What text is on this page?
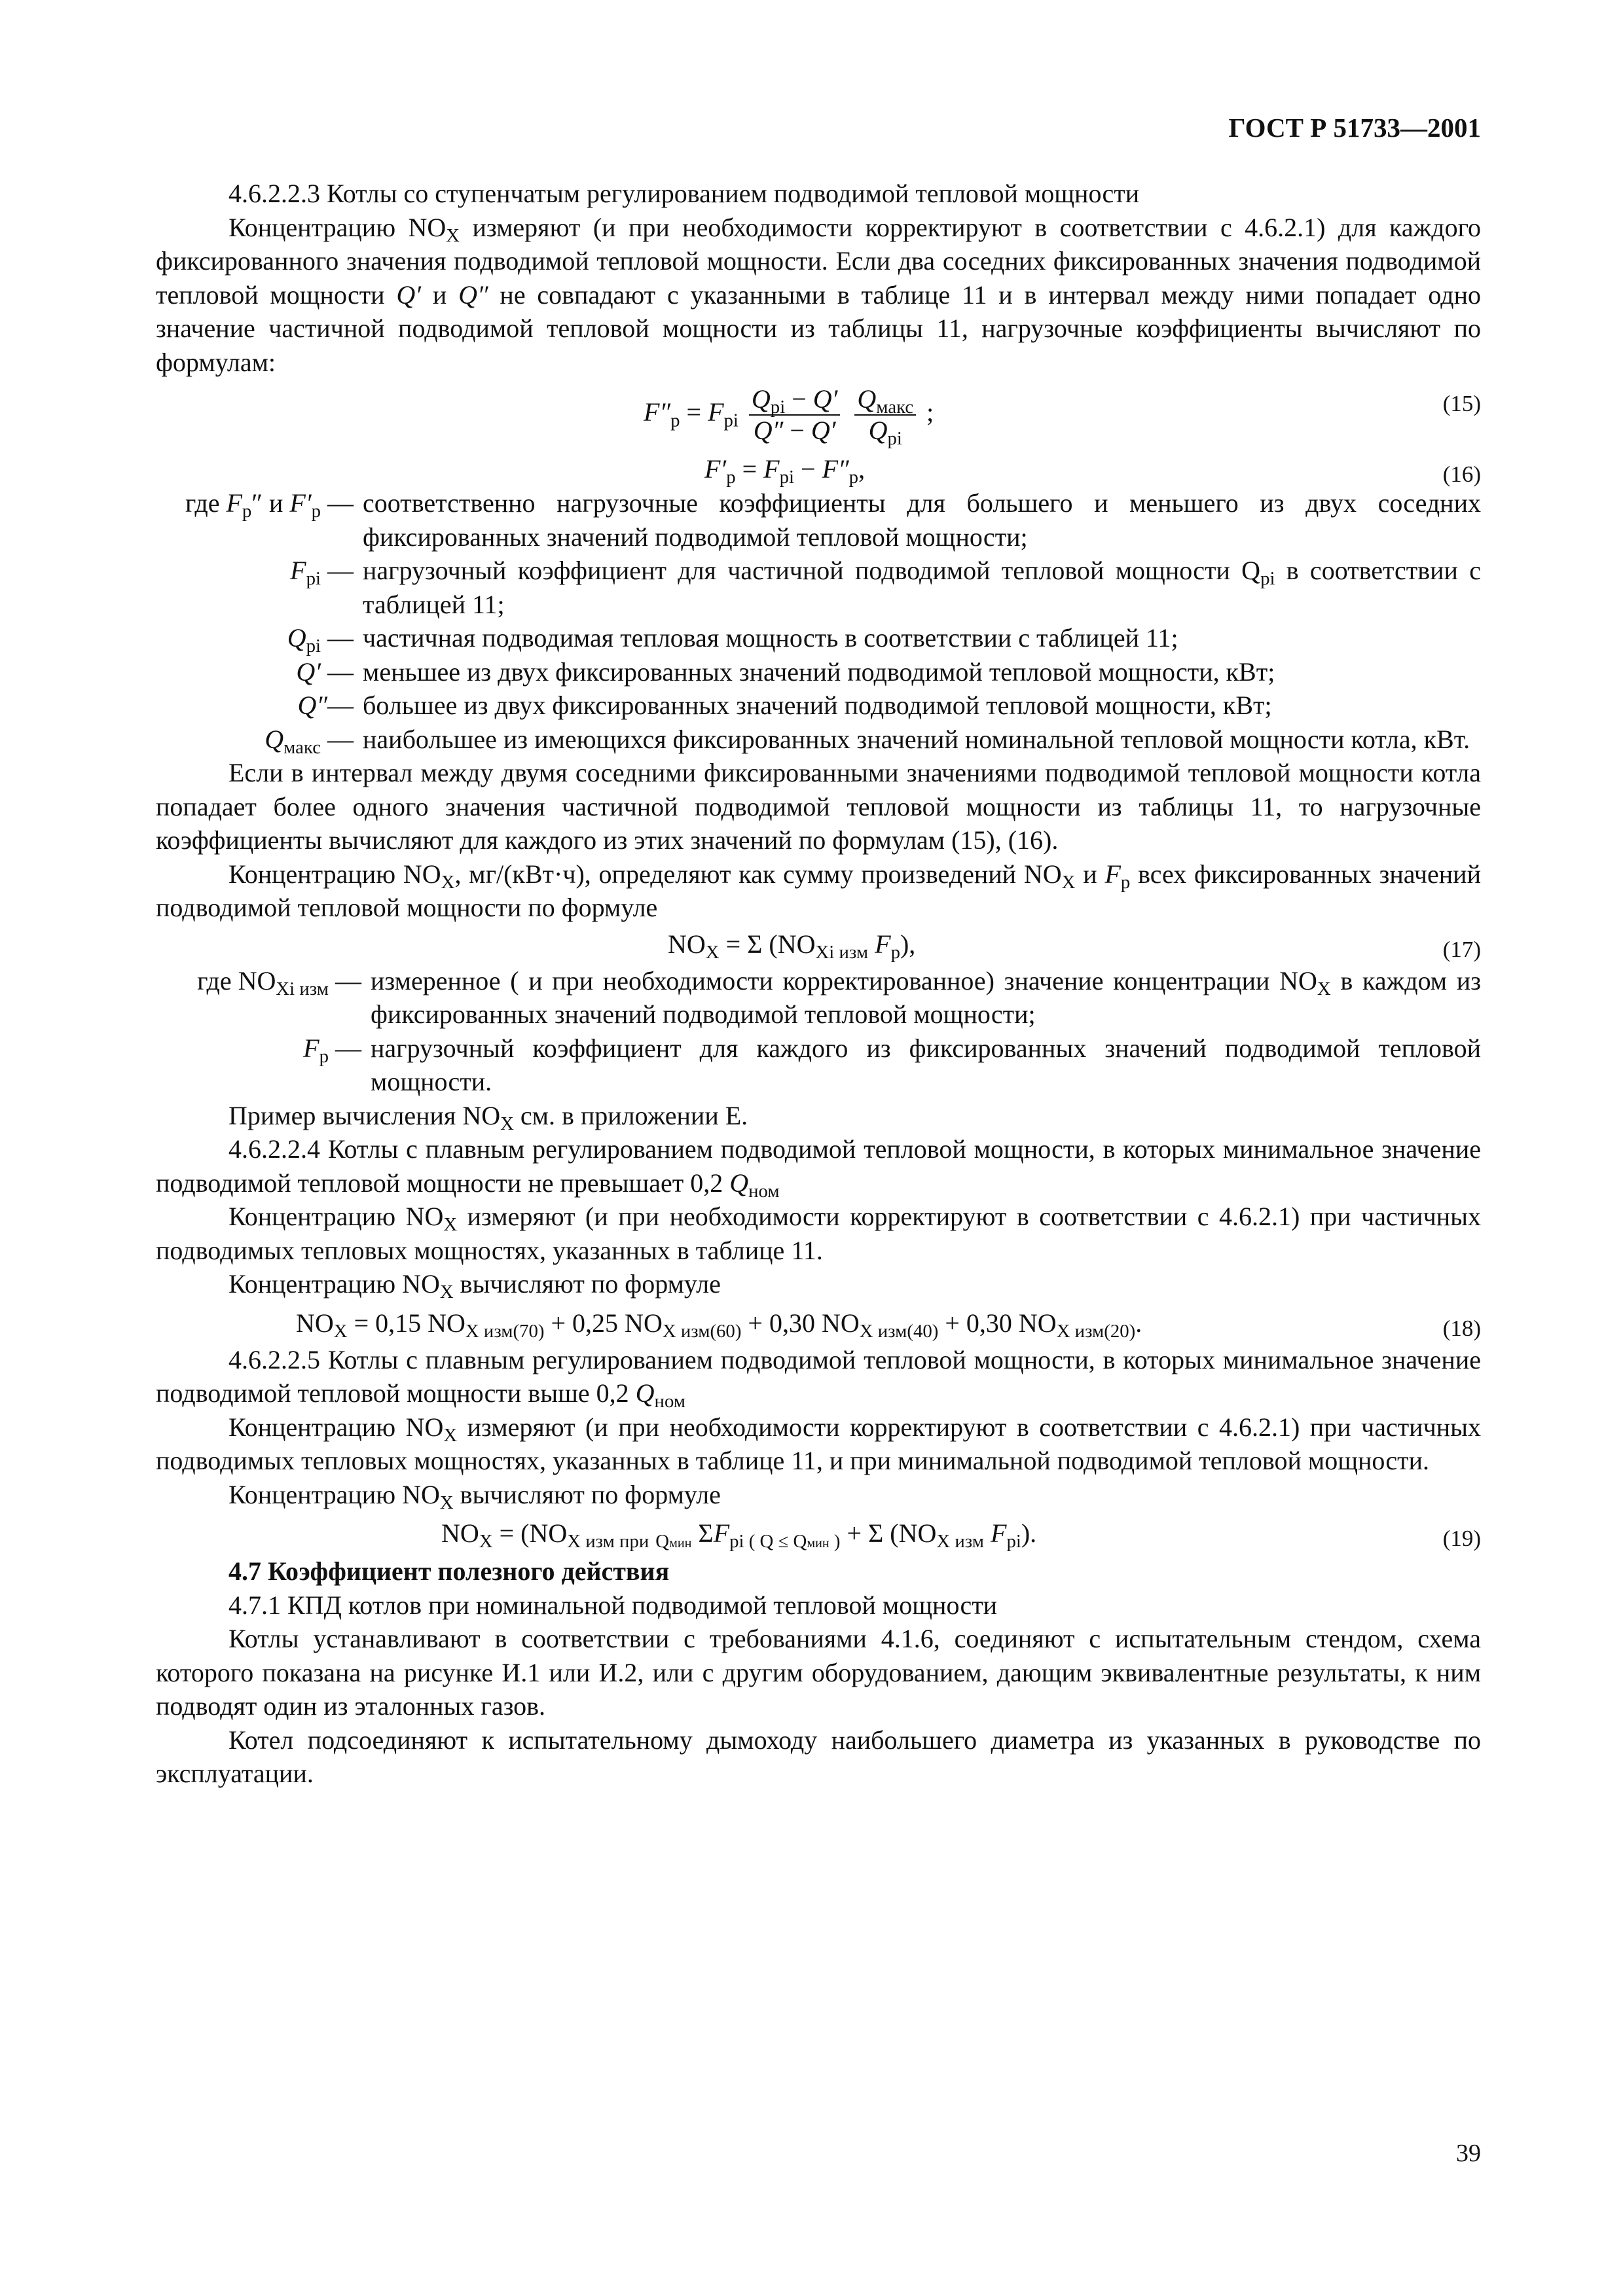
ГОСТ Р 51733—2001

4.6.2.2.3 Котлы со ступенчатым регулированием подводимой тепловой мощности

Концентрацию $NO_X$ измеряют (и при необходимости корректируют в соответствии с 4.6.2.1) для каждого фиксированного значения подводимой тепловой мощности. Если два соседних фиксированных значения подводимой тепловой мощности Q′ и Q″ не совпадают с указанными в таблице 11 и в интервал между ними попадает одно значение частичной подводимой тепловой мощности из таблицы 11, нагрузочные коэффициенты вычисляют по формулам:

$F''_р = F_{рi} \frac{Q_{рi} - Q'}{Q'' - Q'}$
$\frac{Q_{макс}}{Q_{рi}}$ ;	(15)
$F'_р = F_{рi} - F''_р$,	(16)
где $F_р''$ и $F'_р$ — соответственно нагрузочные коэффициенты для большего и меньшего из двух соседних фиксированных значений подводимой тепловой мощности;
$F_{рi}$ — нагрузочный коэффициент для частичной подводимой тепловой мощности $Q_{рi}$ в соответствии с таблицей 11;
$Q_{рi}$ — частичная подводимая тепловая мощность в соответствии с таблицей 11;
Q′ — меньшее из двух фиксированных значений подводимой тепловой мощности, кВт;
Q″— большее из двух фиксированных значений подводимой тепловой мощности, кВт;
$Q_{макс}$ — наибольшее из имеющихся фиксированных значений номинальной тепловой мощности котла, кВт.

Если в интервал между двумя соседними фиксированными значениями подводимой тепловой мощности котла попадает более одного значения частичной подводимой тепловой мощности из таблицы 11, то нагрузочные коэффициенты вычисляют для каждого из этих значений по формулам (15), (16).

Концентрацию $NO_X$, мг/(кВт·ч), определяют как сумму произведений $NO_X$ и $F_р$ всех фиксированных значений подводимой тепловой мощности по формуле

$NO_X = \Sigma$ ($NO_{Xi изм}$ $F_р$),	(17)
где $NO_{Xi изм}$ — измеренное ( и при необходимости корректированное) значение концентрации $NO_X$ в каждом из фиксированных значений подводимой тепловой мощности;
$F_р$ — нагрузочный коэффициент для каждого из фиксированных значений подводимой тепловой мощности.

Пример вычисления $NO_X$ см. в приложении Е.

4.6.2.2.4 Котлы с плавным регулированием подводимой тепловой мощности, в которых минимальное значение подводимой тепловой мощности не превышает 0,2 $Q_{ном}$

Концентрацию $NO_X$ измеряют (и при необходимости корректируют в соответствии с 4.6.2.1) при частичных подводимых тепловых мощностях, указанных в таблице 11.

Концентрацию $NO_X$ вычисляют по формуле

$NO_X = 0,15$ $NO_{X изм(70)} + 0,25$ $NO_{X изм(60)} + 0,30$ $NO_{X изм(40)} + 0,30$ $NO_{X изм(20)}$.	(18)

4.6.2.2.5 Котлы с плавным регулированием подводимой тепловой мощности, в которых минимальное значение подводимой тепловой мощности выше 0,2 $Q_{ном}$

Концентрацию $NO_X$ измеряют (и при необходимости корректируют в соответствии с 4.6.2.1) при частичных подводимых тепловых мощностях, указанных в таблице 11, и при минимальной подводимой тепловой мощности.

Концентрацию $NO_X$ вычисляют по формуле

$NO_X = (NO_{X изм при}$ $_{Qмин}$ $\Sigma F_{рi ( Q \le Qмин )} + \Sigma$ ($NO_{X изм}$ $F_{рi}$).	(19)

4.7 Коэффициент полезного действия

4.7.1 КПД котлов при номинальной подводимой тепловой мощности

Котлы устанавливают в соответствии с требованиями 4.1.6, соединяют с испытательным стендом, схема которого показана на рисунке И.1 или И.2, или с другим оборудованием, дающим эквивалентные результаты, к ним подводят один из эталонных газов.

Котел подсоединяют к испытательному дымоходу наибольшего диаметра из указанных в руководстве по эксплуатации.

39
